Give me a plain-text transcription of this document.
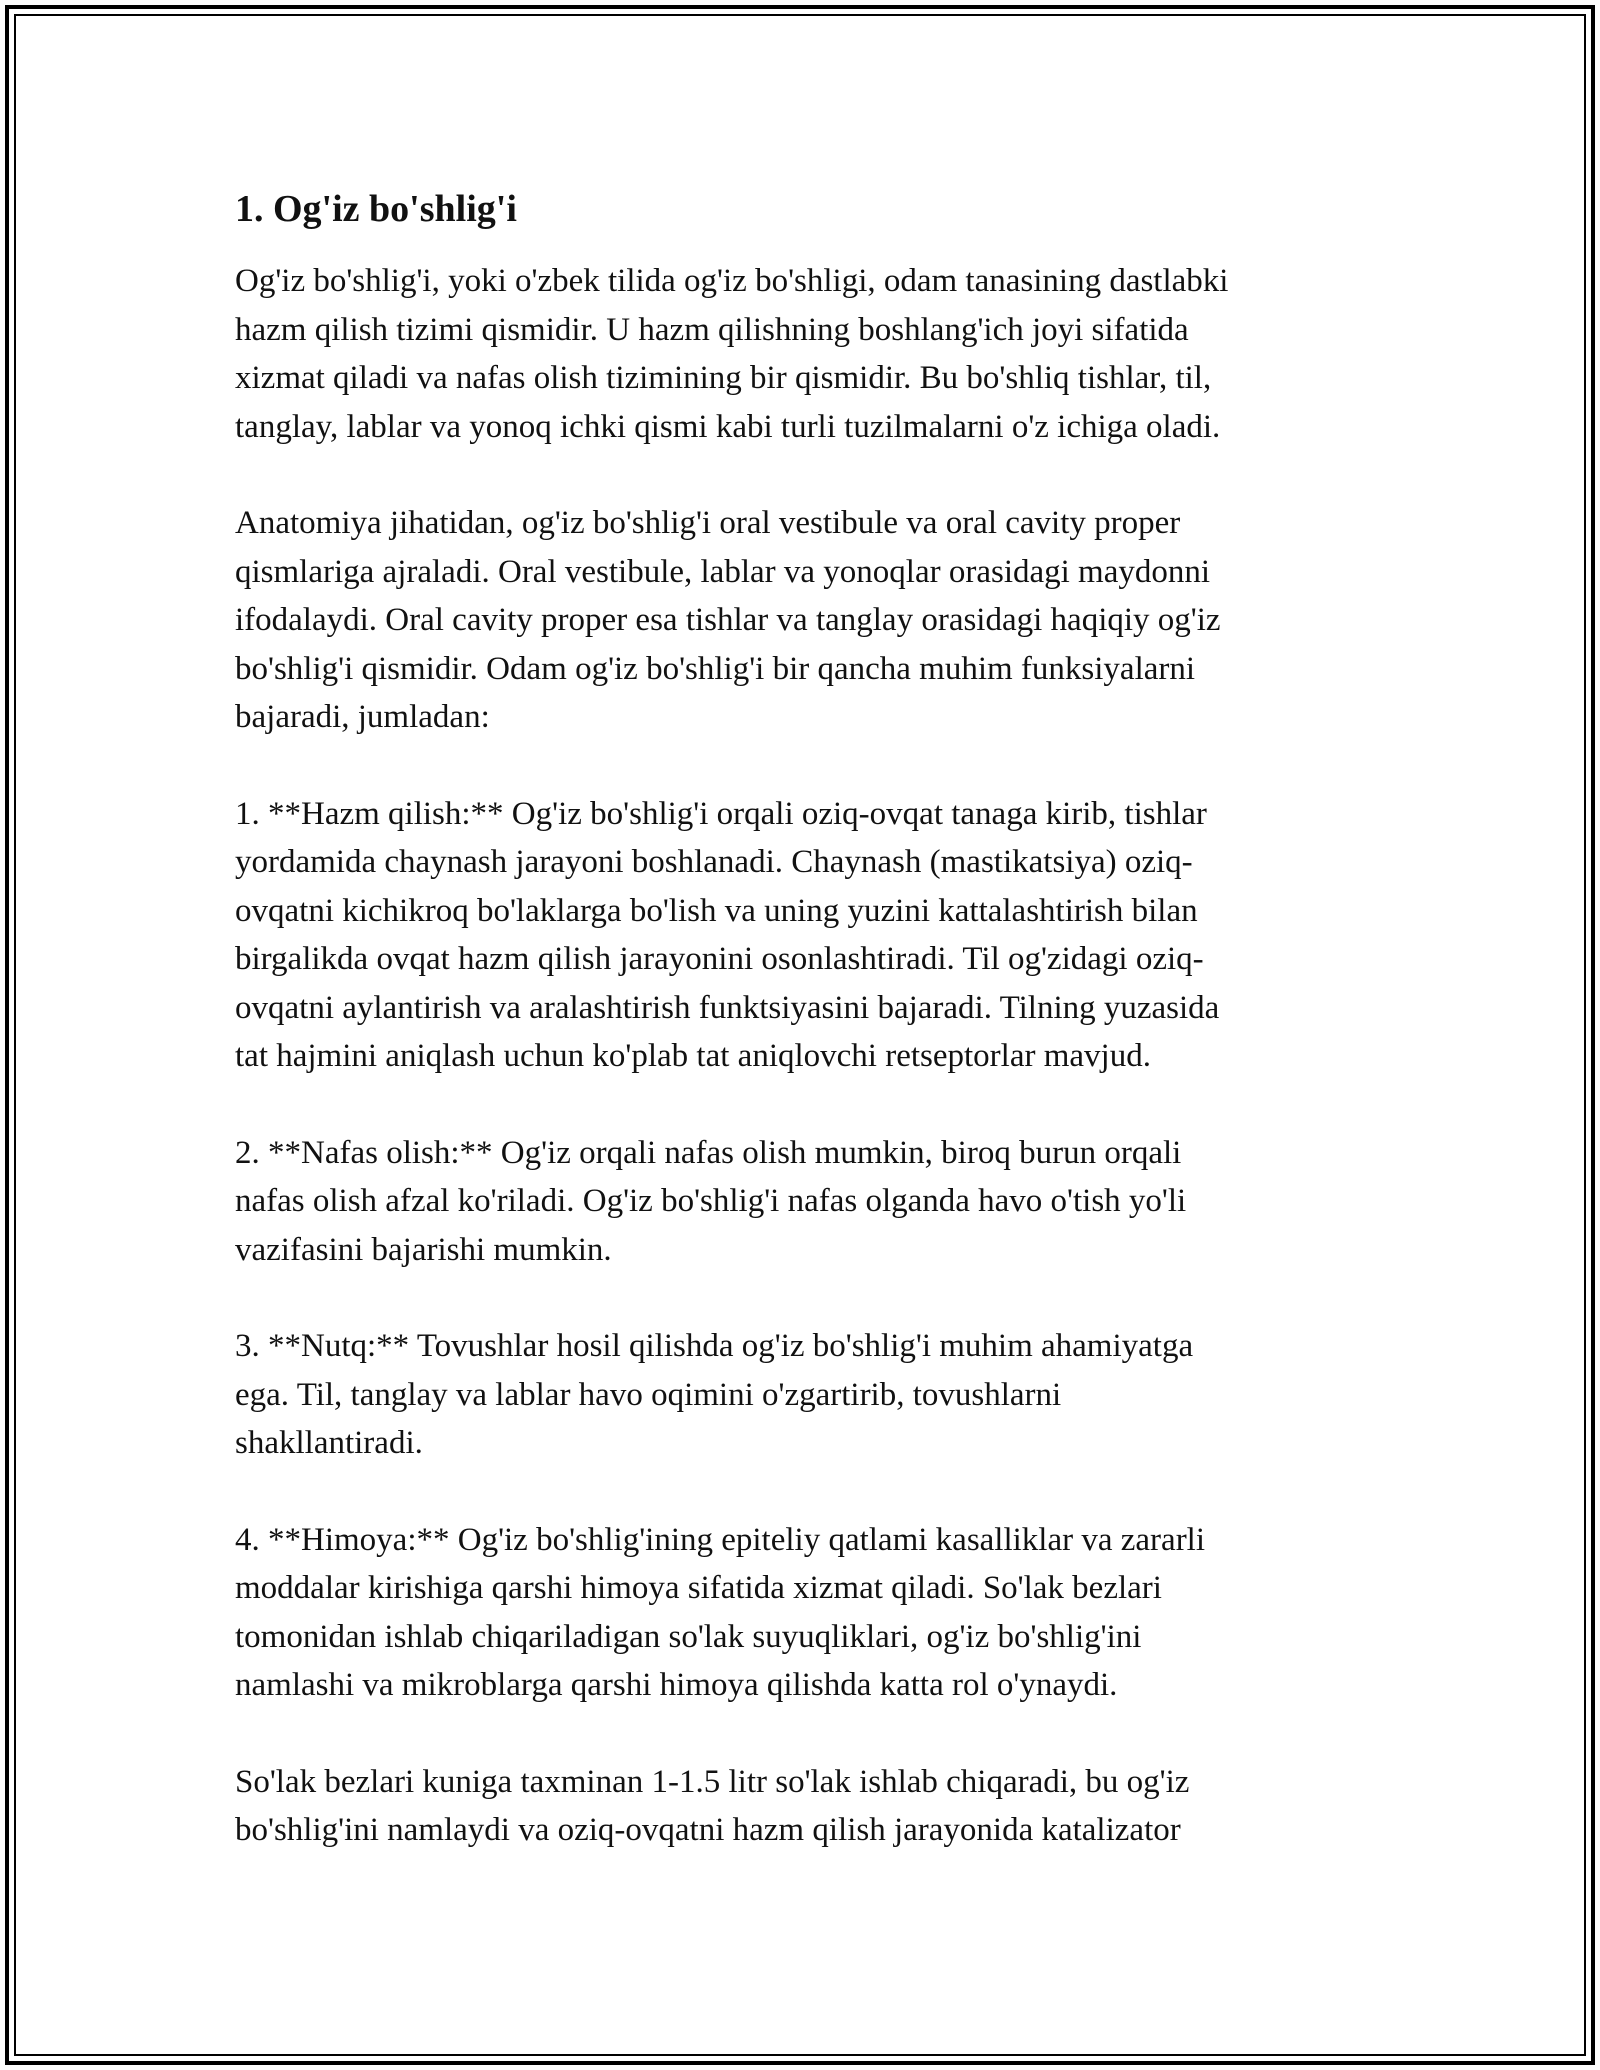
1. Og'iz bo'shlig'i

Og'iz bo'shlig'i, yoki o'zbek tilida og'iz bo'shligi, odam tanasining dastlabki
hazm qilish tizimi qismidir. U hazm qilishning boshlang'ich joyi sifatida
xizmat qiladi va nafas olish tizimining bir qismidir. Bu bo'shliq tishlar, til,
tanglay, lablar va yonoq ichki qismi kabi turli tuzilmalarni o'z ichiga oladi.

Anatomiya jihatidan, og'iz bo'shlig'i oral vestibule va oral cavity proper
qismlariga ajraladi. Oral vestibule, lablar va yonoqlar orasidagi maydonni
ifodalaydi. Oral cavity proper esa tishlar va tanglay orasidagi haqiqiy og'iz
bo'shlig'i qismidir. Odam og'iz bo'shlig'i bir qancha muhim funksiyalarni
bajaradi, jumladan:

1. **Hazm qilish:** Og'iz bo'shlig'i orqali oziq-ovqat tanaga kirib, tishlar
yordamida chaynash jarayoni boshlanadi. Chaynash (mastikatsiya) oziq-
ovqatni kichikroq bo'laklarga bo'lish va uning yuzini kattalashtirish bilan
birgalikda ovqat hazm qilish jarayonini osonlashtiradi. Til og'zidagi oziq-
ovqatni aylantirish va aralashtirish funktsiyasini bajaradi. Tilning yuzasida
tat hajmini aniqlash uchun ko'plab tat aniqlovchi retseptorlar mavjud.

2. **Nafas olish:** Og'iz orqali nafas olish mumkin, biroq burun orqali
nafas olish afzal ko'riladi. Og'iz bo'shlig'i nafas olganda havo o'tish yo'li
vazifasini bajarishi mumkin.

3. **Nutq:** Tovushlar hosil qilishda og'iz bo'shlig'i muhim ahamiyatga
ega. Til, tanglay va lablar havo oqimini o'zgartirib, tovushlarni
shakllantiradi.

4. **Himoya:** Og'iz bo'shlig'ining epiteliy qatlami kasalliklar va zararli
moddalar kirishiga qarshi himoya sifatida xizmat qiladi. So'lak bezlari
tomonidan ishlab chiqariladigan so'lak suyuqliklari, og'iz bo'shlig'ini
namlashi va mikroblarga qarshi himoya qilishda katta rol o'ynaydi.

So'lak bezlari kuniga taxminan 1-1.5 litr so'lak ishlab chiqaradi, bu og'iz
bo'shlig'ini namlaydi va oziq-ovqatni hazm qilish jarayonida katalizator
